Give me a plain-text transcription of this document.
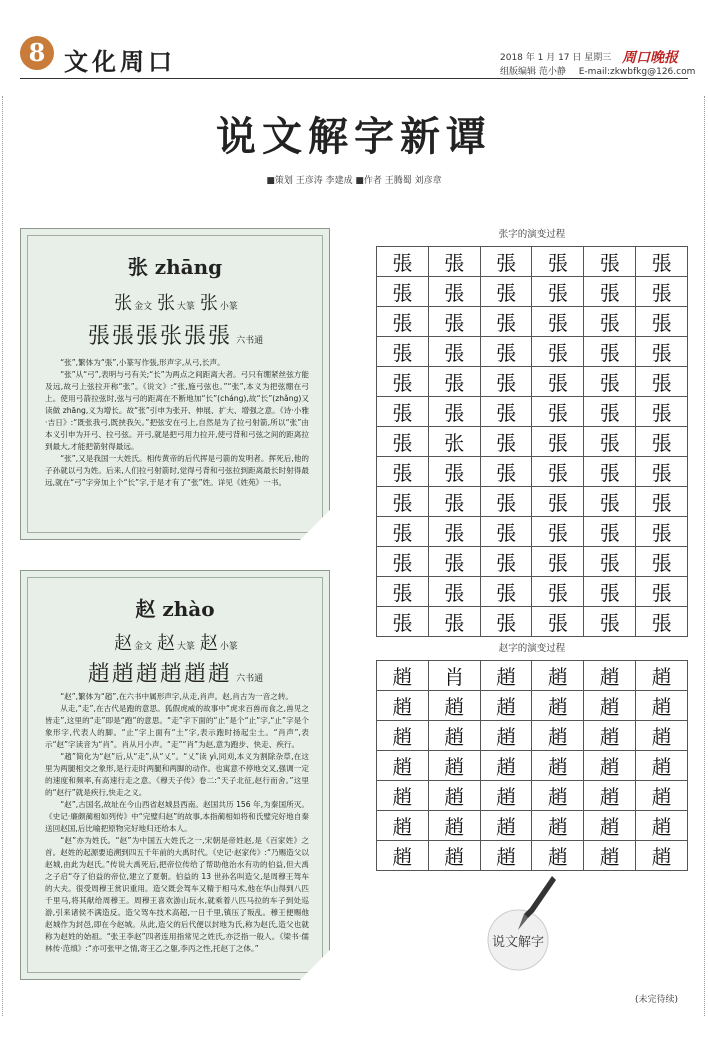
8 文化周口	周口晚报
2018 年 1 月 17 日 星期三
组版编辑 范小静 E-mail:zkwbfkg@126.com
说文解字新谭
■策划 王彦涛 李建成 ■作者 王腾蜀 刘彦章
张 zhāng
张金文 张 大篆 张 小篆
張張張张張張 六书通

“张”,繁体为“張”,小篆写作張,形声字,从弓,长声。

“张”从“弓”,表明与弓有关;“长”为两点之间距离大者。弓只有绷紧丝弦方能及远,故弓上弦拉开称“张”。《说文》:“张,施弓弦也。”“张”,本义为把弦绷在弓上。使用弓箭拉弦时,弦与弓的距离在不断地加“长”(cháng),故“长”(zhǎng)又读做 zhāng,义为增长。故“张”引申为张开、伸展、扩大、增强之意。《诗·小雅·吉日》:“既张我弓,既挟我矢。”把弦安在弓上,自然是为了拉弓射箭,所以“张”由本义引申为开弓、拉弓弦。开弓,就是把弓用力拉开,使弓背和弓弦之间的距离拉到最大,才能把箭射得最远。

“张”,又是我国一大姓氏。相传黄帝的后代挥是弓箭的发明者。挥死后,他的子孙就以弓为姓。后来,人们拉弓射箭时,觉得弓背和弓弦拉到距离最长时射得最远,就在“弓”字旁加上个“长”字,于是才有了“张”姓。详见《姓苑》一书。

赵 zhào
赵金文 赵 大篆 赵 小篆
趙趙趙趙趙趙 六书通

“赵”,繁体为“趙”,在六书中属形声字,从走,肖声。赵,肖古为一音之转。

从走,“走”,在古代是跑的意思。狐假虎威的故事中“虎求百兽而食之,兽见之皆走”,这里的“走”即是“跑”的意思。“走”字下面的“止”是个“止”字,“止”字是个象形字,代表人的脚。“止”字上面有“土”字,表示跑时扬起尘土。“肖声”,表示“赵”字读音为“肖”。肖从月小声。“走”“肖”为赵,意为跑步、快走、疾行。

“趙”简化为“赵”后,从“走”,从“乂”。“乂”读 yì,同刈,本义为割除杂草,在这里为两腿相交之象形,是行走时两腿和两脚的动作。也寓意不停地交叉,强调一定的速度和频率,有高速行走之意。《穆天子传》卷二:“天子北征,赵行而舍。”这里的“赵行”就是疾行,快走之义。

“赵”,古国名,故址在今山西省赵城县西南。赵国共历 156 年,为秦国所灭。《史记·廉颇蔺相如列传》中“完璧归赵”的故事,本指蔺相如将和氏璧完好地自秦送回赵国,后比喻把原物完好地归还给本人。

“赵”亦为姓氏。“赵”为中国五大姓氏之一,宋朝是帝姓赵,是《百家姓》之首。赵姓的起源要追溯到四五千年前的大禹时代。《史记·赵家传》:“乃赐造父以赵城,由此为赵氏。”传说大禹死后,把帝位传给了帮助他治水有功的伯益,但大禹之子启“夺了伯益的帝位,建立了夏朝。伯益的 13 世孙名叫造父,是周穆王驾车的大夫。很受周穆王赏识重用。造父既会驾车又精于相马术,他在华山得到八匹千里马,将其献给周穆王。周穆王喜欢游山玩水,就乘着八匹马拉的车子到处巡游,引来诸侯不满造反。造父驾车技术高超,一日千里,镇压了叛乱。穆王便赐他赵城作为封邑,即在今赵城。从此,造父的后代便以封地为氏,称为赵氏,造父也就称为赵姓的始祖。“张王李赵”四者连用指常见之姓氏,亦泛指一般人。《梁书·儒林传·范缜》:“亦可张甲之情,寄王乙之躯,李丙之性,托赵丁之体。”

张字的演变过程
張	張	張	張	張	張
張	張	張	張	張	張
張	張	張	張	張	張
張	張	張	張	張	張
張	張	張	張	張	張
張	張	張	張	張	張
張	张	張	張	張	張
張	張	張	張	張	張
張	張	張	張	張	張
張	張	張	張	張	張
張	張	張	張	張	張
張	張	張	張	張	張
張	張	張	張	張	張
赵字的演变过程
趙	肖	趙	趙	趙	趙
趙	趙	趙	趙	趙	趙
趙	趙	趙	趙	趙	趙
趙	趙	趙	趙	趙	趙
趙	趙	趙	趙	趙	趙
趙	趙	趙	趙	趙	趙
趙	趙	趙	趙	趙	趙
说文解字
(未完待续)
